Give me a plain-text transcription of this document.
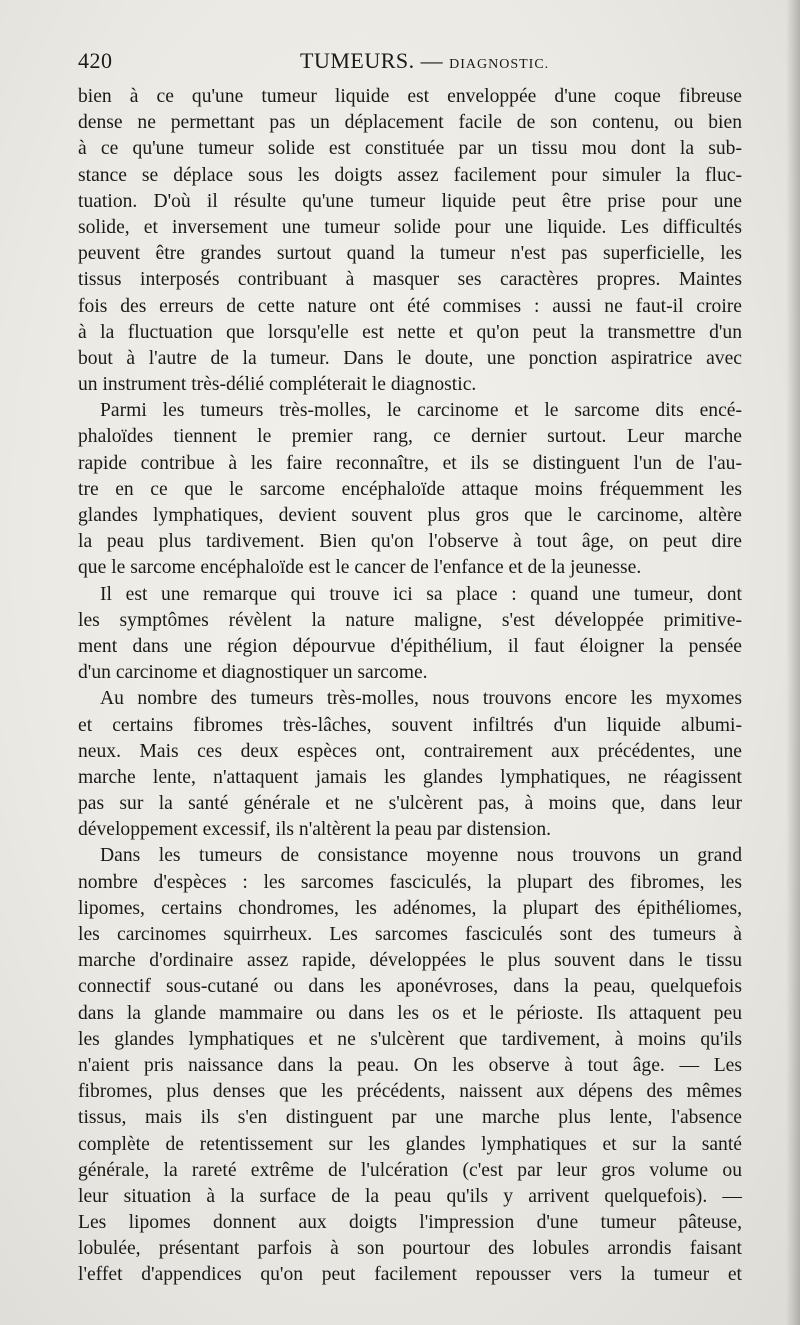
420	TUMEURS. — DIAGNOSTIC.
bien à ce qu'une tumeur liquide est enveloppée d'une coque fibreuse
dense ne permettant pas un déplacement facile de son contenu, ou bien
à ce qu'une tumeur solide est constituée par un tissu mou dont la sub-
stance se déplace sous les doigts assez facilement pour simuler la fluc-
tuation. D'où il résulte qu'une tumeur liquide peut être prise pour une
solide, et inversement une tumeur solide pour une liquide. Les difficultés
peuvent être grandes surtout quand la tumeur n'est pas superficielle, les
tissus interposés contribuant à masquer ses caractères propres. Maintes
fois des erreurs de cette nature ont été commises : aussi ne faut-il croire
à la fluctuation que lorsqu'elle est nette et qu'on peut la transmettre d'un
bout à l'autre de la tumeur. Dans le doute, une ponction aspiratrice avec
un instrument très-délié compléterait le diagnostic.
Parmi les tumeurs très-molles, le carcinome et le sarcome dits encé-
phaloïdes tiennent le premier rang, ce dernier surtout. Leur marche
rapide contribue à les faire reconnaître, et ils se distinguent l'un de l'au-
tre en ce que le sarcome encéphaloïde attaque moins fréquemment les
glandes lymphatiques, devient souvent plus gros que le carcinome, altère
la peau plus tardivement. Bien qu'on l'observe à tout âge, on peut dire
que le sarcome encéphaloïde est le cancer de l'enfance et de la jeunesse.
Il est une remarque qui trouve ici sa place : quand une tumeur, dont
les symptômes révèlent la nature maligne, s'est développée primitive-
ment dans une région dépourvue d'épithélium, il faut éloigner la pensée
d'un carcinome et diagnostiquer un sarcome.
Au nombre des tumeurs très-molles, nous trouvons encore les myxomes
et certains fibromes très-lâches, souvent infiltrés d'un liquide albumi-
neux. Mais ces deux espèces ont, contrairement aux précédentes, une
marche lente, n'attaquent jamais les glandes lymphatiques, ne réagissent
pas sur la santé générale et ne s'ulcèrent pas, à moins que, dans leur
développement excessif, ils n'altèrent la peau par distension.
Dans les tumeurs de consistance moyenne nous trouvons un grand
nombre d'espèces : les sarcomes fasciculés, la plupart des fibromes, les
lipomes, certains chondromes, les adénomes, la plupart des épithéliomes,
les carcinomes squirrheux. Les sarcomes fasciculés sont des tumeurs à
marche d'ordinaire assez rapide, développées le plus souvent dans le tissu
connectif sous-cutané ou dans les aponévroses, dans la peau, quelquefois
dans la glande mammaire ou dans les os et le périoste. Ils attaquent peu
les glandes lymphatiques et ne s'ulcèrent que tardivement, à moins qu'ils
n'aient pris naissance dans la peau. On les observe à tout âge. — Les
fibromes, plus denses que les précédents, naissent aux dépens des mêmes
tissus, mais ils s'en distinguent par une marche plus lente, l'absence
complète de retentissement sur les glandes lymphatiques et sur la santé
générale, la rareté extrême de l'ulcération (c'est par leur gros volume ou
leur situation à la surface de la peau qu'ils y arrivent quelquefois). —
Les lipomes donnent aux doigts l'impression d'une tumeur pâteuse,
lobulée, présentant parfois à son pourtour des lobules arrondis faisant
l'effet d'appendices qu'on peut facilement repousser vers la tumeur et
